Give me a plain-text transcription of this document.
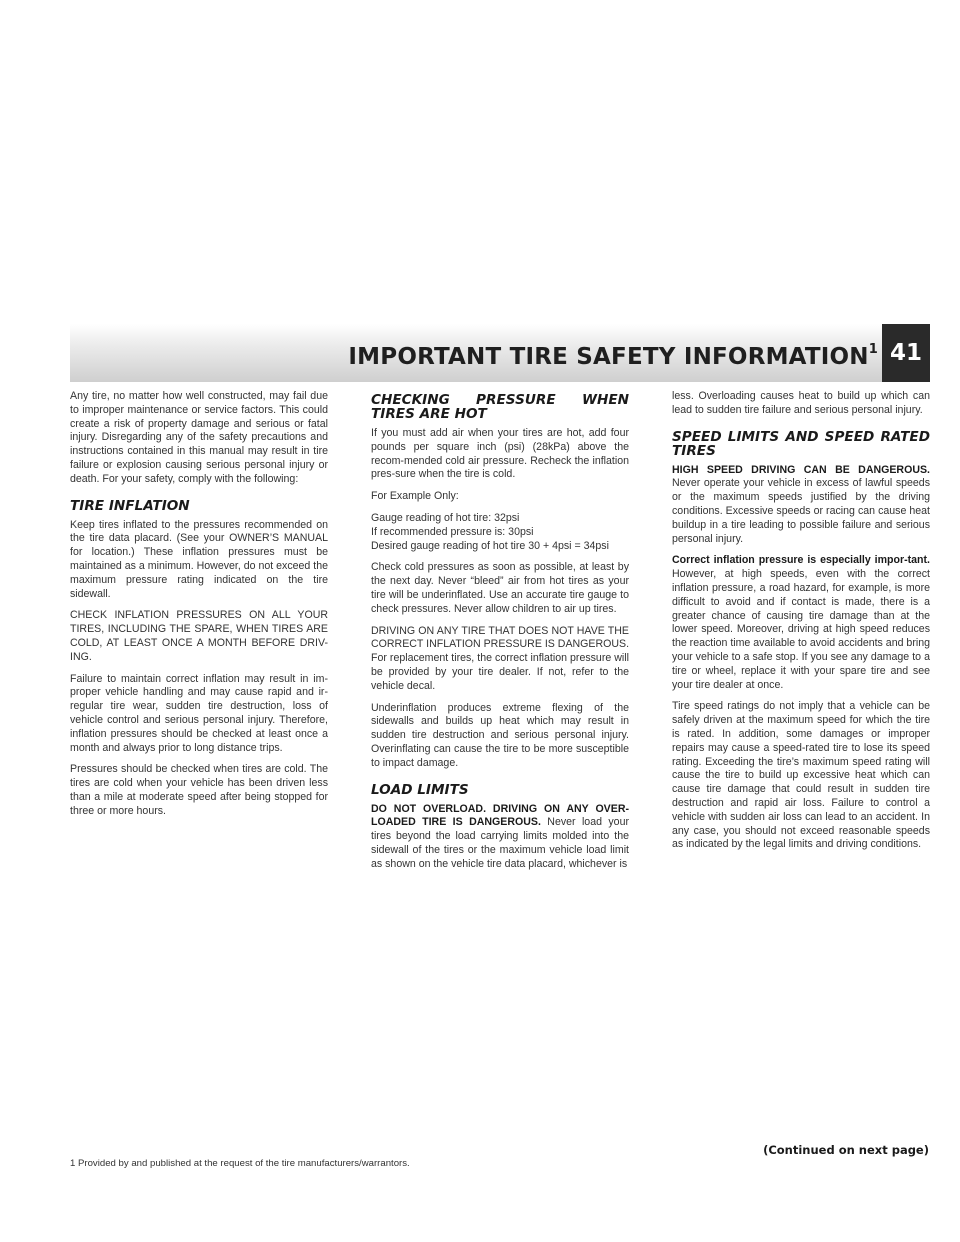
IMPORTANT TIRE SAFETY INFORMATION$^1$ 41

Any tire, no matter how well constructed, may fail due to improper maintenance or service factors. This could create a risk of property damage and serious or fatal injury. Disregarding any of the safety precautions and instructions contained in this manual may result in tire failure or explosion causing serious personal injury or death. For your safety, comply with the following:

TIRE INFLATION

Keep tires inflated to the pressures recommended on the tire data placard. (See your OWNER’S MANUAL for location.) These inflation pressures must be maintained as a minimum. However, do not exceed the maximum pressure rating indicated on the tire sidewall.

CHECK INFLATION PRESSURES ON ALL YOUR TIRES, INCLUDING THE SPARE, WHEN TIRES ARE COLD, AT LEAST ONCE A MONTH BEFORE DRIV-ING.

Failure to maintain correct inflation may result in im-proper vehicle handling and may cause rapid and ir-regular tire wear, sudden tire destruction, loss of vehicle control and serious personal injury. Therefore, inflation pressures should be checked at least once a month and always prior to long distance trips.

Pressures should be checked when tires are cold. The tires are cold when your vehicle has been driven less than a mile at moderate speed after being stopped for three or more hours.

CHECKING PRESSURE WHEN TIRES ARE HOT

If you must add air when your tires are hot, add four pounds per square inch (psi) (28kPa) above the recom-mended cold air pressure. Recheck the inflation pres-sure when the tire is cold.

For Example Only:

Gauge reading of hot tire: 32psi

If recommended pressure is: 30psi

Desired gauge reading of hot tire 30 + 4psi = 34psi

Check cold pressures as soon as possible, at least by the next day. Never “bleed” air from hot tires as your tire will be underinflated. Use an accurate tire gauge to check pressures. Never allow children to air up tires.

DRIVING ON ANY TIRE THAT DOES NOT HAVE THE CORRECT INFLATION PRESSURE IS DANGEROUS. For replacement tires, the correct inflation pressure will be provided by your tire dealer. If not, refer to the vehicle decal.

Underinflation produces extreme flexing of the sidewalls and builds up heat which may result in sudden tire destruction and serious personal injury. Overinflating can cause the tire to be more susceptible to impact damage.

LOAD LIMITS

DO NOT OVERLOAD. DRIVING ON ANY OVER-LOADED TIRE IS DANGEROUS. Never load your tires beyond the load carrying limits molded into the sidewall of the tires or the maximum vehicle load limit as shown on the vehicle tire data placard, whichever is

less. Overloading causes heat to build up which can lead to sudden tire failure and serious personal injury.

SPEED LIMITS AND SPEED RATED TIRES

HIGH SPEED DRIVING CAN BE DANGEROUS. Never operate your vehicle in excess of lawful speeds or the maximum speeds justified by the driving conditions. Excessive speeds or racing can cause heat buildup in a tire leading to possible failure and serious personal injury.

Correct inflation pressure is especially impor-tant. However, at high speeds, even with the correct inflation pressure, a road hazard, for example, is more difficult to avoid and if contact is made, there is a greater chance of causing tire damage than at the lower speed. Moreover, driving at high speed reduces the reaction time available to avoid accidents and bring your vehicle to a safe stop. If you see any damage to a tire or wheel, replace it with your spare tire and see your tire dealer at once.

Tire speed ratings do not imply that a vehicle can be safely driven at the maximum speed for which the tire is rated. In addition, some damages or improper repairs may cause a speed-rated tire to lose its speed rating. Exceeding the tire’s maximum speed rating will cause the tire to build up excessive heat which can cause tire damage that could result in sudden tire destruction and rapid air loss. Failure to control a vehicle with sudden air loss can lead to an accident. In any case, you should not exceed reasonable speeds as indicated by the legal limits and driving conditions.

(Continued on next page)
1 Provided by and published at the request of the tire manufacturers/warrantors.
